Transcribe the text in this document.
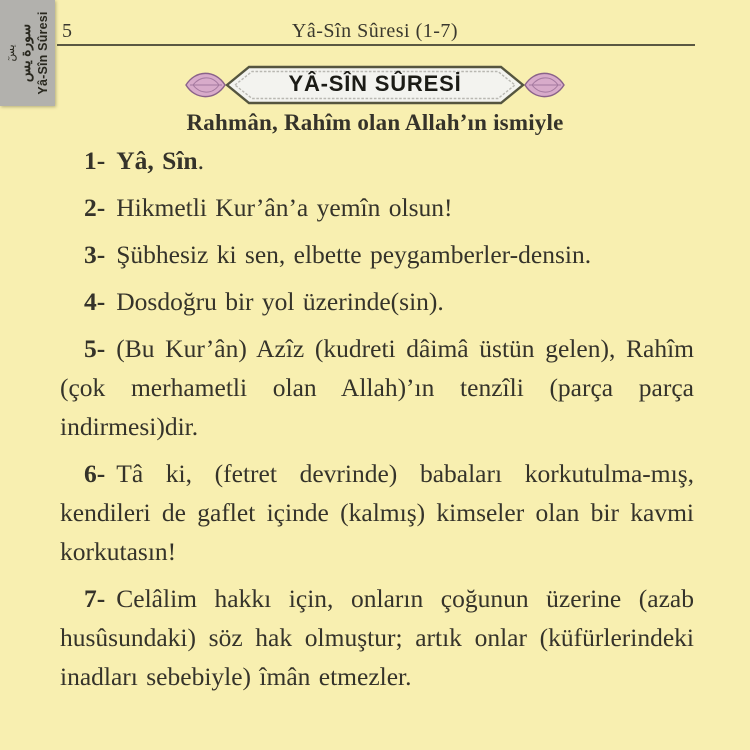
يسٓ سورة يس Yâ-Sîn Sûresi 5	Yâ-Sîn Sûresi (1-7)
YÂ-SÎN SÛRESİ
Rahmân, Rahîm olan Allah’ın ismiyle

1- Yâ, Sîn.

2- Hikmetli Kur’ân’a yemîn olsun!

3- Şübhesiz ki sen, elbette peygamberler-densin.

4- Dosdoğru bir yol üzerinde(sin).

5- (Bu Kur’ân) Azîz (kudreti dâimâ üstün gelen), Rahîm (çok merhametli olan Allah)’ın tenzîli (parça parça indirmesi)dir.

6- Tâ ki, (fetret devrinde) babaları korkutulma-mış, kendileri de gaflet içinde (kalmış) kimseler olan bir kavmi korkutasın!

7- Celâlim hakkı için, onların çoğunun üzerine (azab husûsundaki) söz hak olmuştur; artık onlar (küfürlerindeki inadları sebebiyle) îmân etmezler.
